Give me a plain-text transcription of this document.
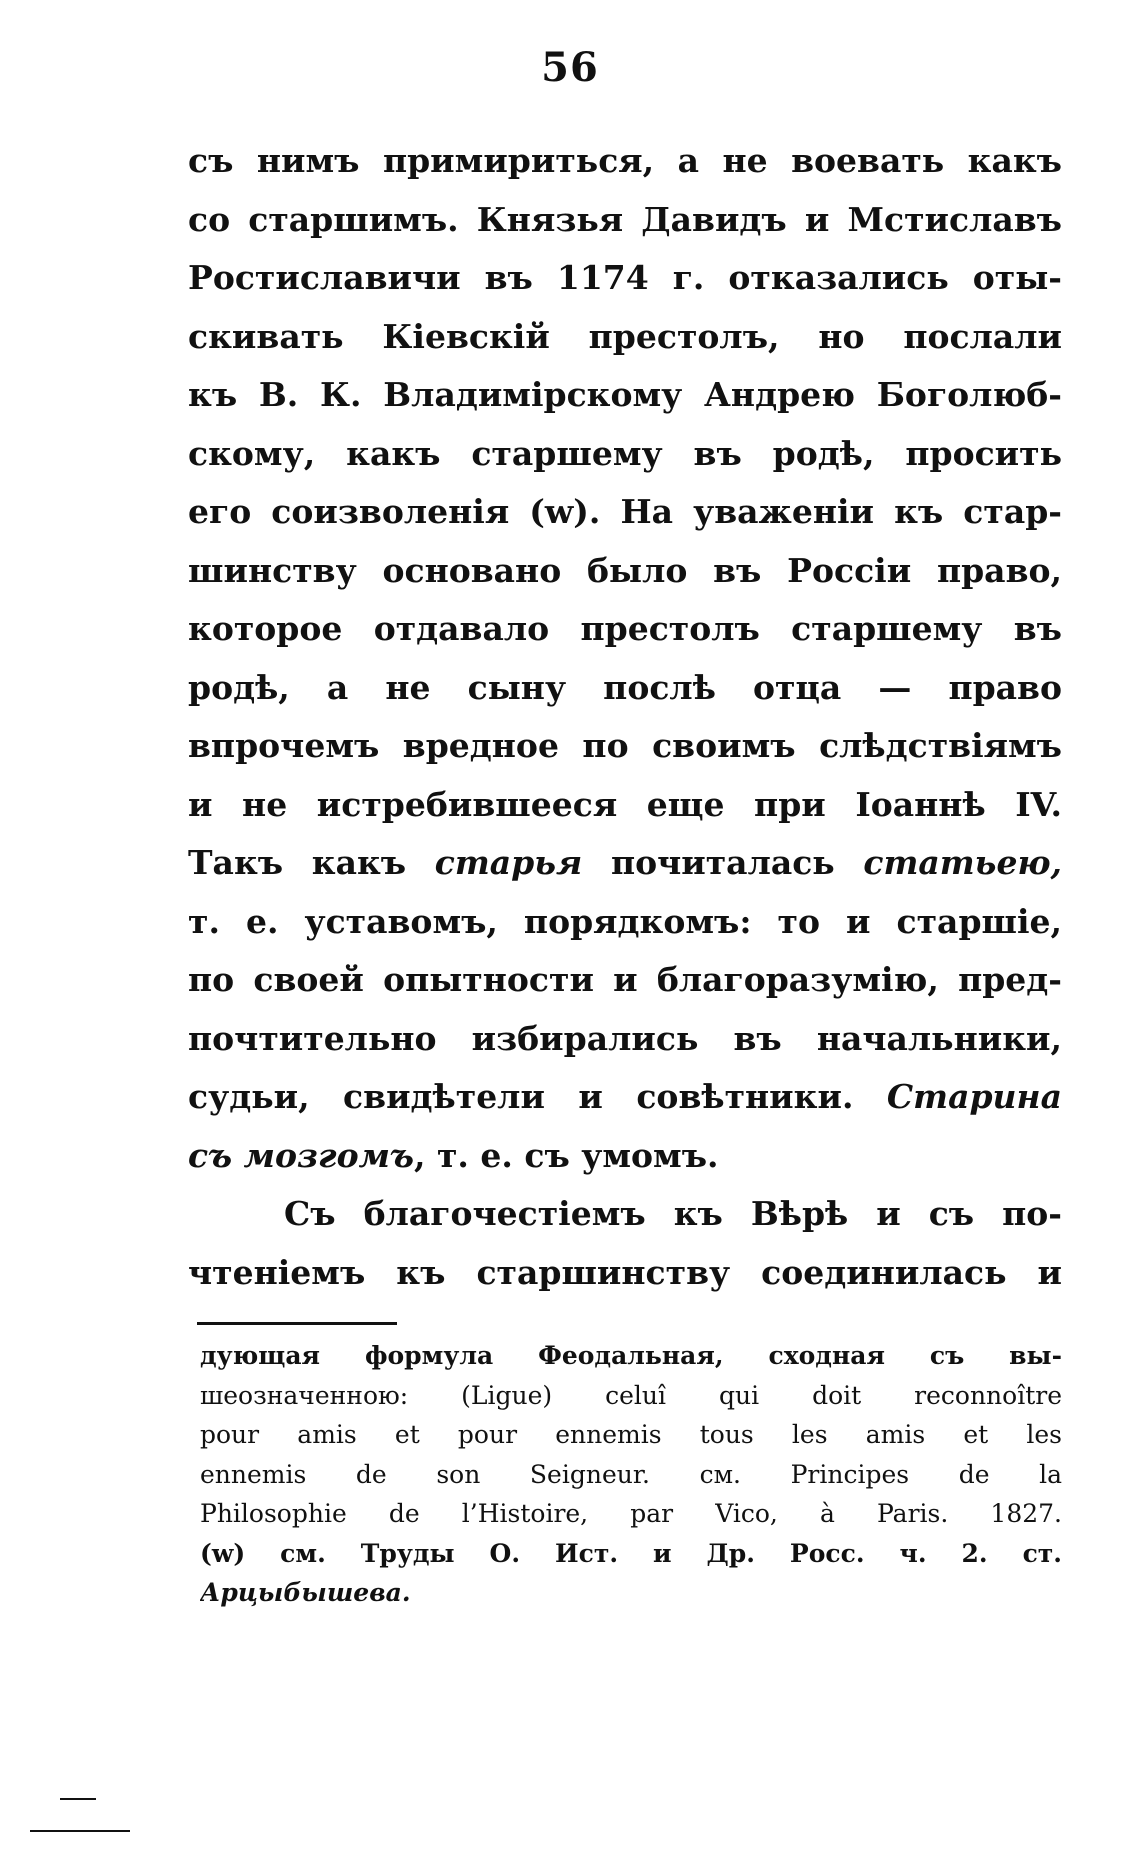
56
съ нимъ примириться, а не воевать какъ
со старшимъ. Князья Давидъ и Мстиславъ
Ростиславичи въ 1174 г. отказались оты-
скивать Кіевскій престолъ, но послали
къ В. К. Владимірскому Андрею Боголюб-
скому, какъ старшему въ родѣ, просить
его соизволенія (w). На уваженіи къ стар-
шинству основано было въ Россіи право,
которое отдавало престолъ старшему въ
родѣ, а не сыну послѣ отца — право
впрочемъ вредное по своимъ слѣдствіямъ
и не истребившееся еще при Іоаннѣ IV.
Такъ какъ старья почиталась статьею,
т. е. уставомъ, порядкомъ: то и старшіе,
по своей опытности и благоразумію, пред-
почтительно избирались въ начальники,
судьи, свидѣтели и совѣтники. Старина
съ мозгомъ, т. е. съ умомъ.
Съ благочестіемъ къ Вѣрѣ и съ по-
чтеніемъ къ старшинству соединилась и
дующая формула Феодальная, сходная съ вы-
шеозначенною: (Ligue) celuî qui doit reconnoître
pour amis et pour ennemis tous les amis et les
ennemis de son Seigneur. см. Principes de la
Philosophie de l’Histoire, par Vico, à Paris. 1827.
(w) см. Труды О. Ист. и Др. Росс. ч. 2. ст.
Арцыбышева.
